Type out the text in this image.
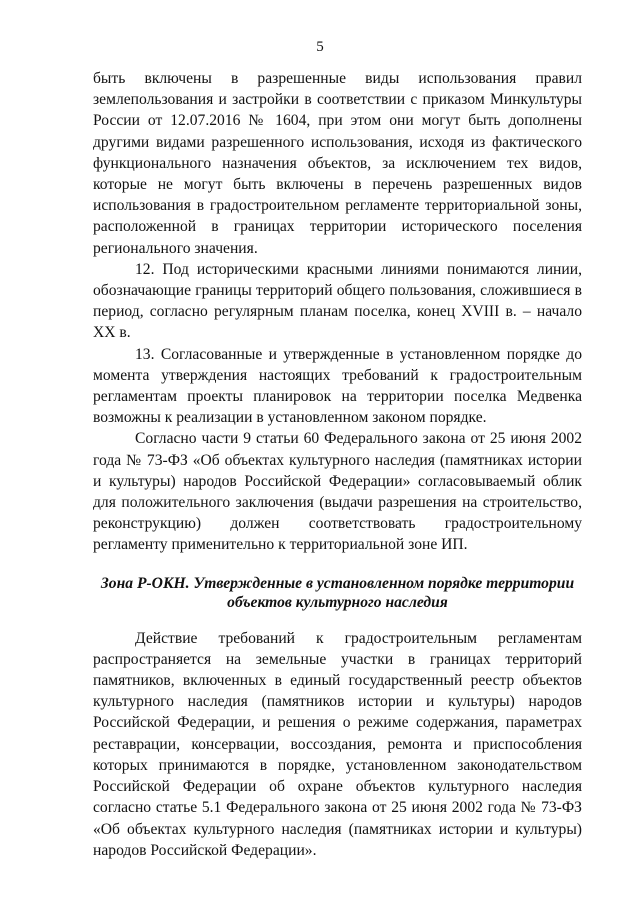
5

быть включены в разрешенные виды использования правил землепользования и застройки в соответствии с приказом Минкультуры России от 12.07.2016 № 1604, при этом они могут быть дополнены другими видами разрешенного использования, исходя из фактического функционального назначения объектов, за исключением тех видов, которые не могут быть включены в перечень разрешенных видов использования в градостроительном регламенте территориальной зоны, расположенной в границах территории исторического поселения регионального значения.

12. Под историческими красными линиями понимаются линии, обозначающие границы территорий общего пользования, сложившиеся в период, согласно регулярным планам поселка, конец XVIII в. – начало XX в.

13. Согласованные и утвержденные в установленном порядке до момента утверждения настоящих требований к градостроительным регламентам проекты планировок на территории поселка Медвенка возможны к реализации в установленном законом порядке.

Согласно части 9 статьи 60 Федерального закона от 25 июня 2002 года № 73-ФЗ «Об объектах культурного наследия (памятниках истории и культуры) народов Российской Федерации» согласовываемый облик для положительного заключения (выдачи разрешения на строительство, реконструкцию) должен соответствовать градостроительному регламенту применительно к территориальной зоне ИП.

Зона Р-ОКН. Утвержденные в установленном порядке территории объектов культурного наследия

Действие требований к градостроительным регламентам распространяется на земельные участки в границах территорий памятников, включенных в единый государственный реестр объектов культурного наследия (памятников истории и культуры) народов Российской Федерации, и решения о режиме содержания, параметрах реставрации, консервации, воссоздания, ремонта и приспособления которых принимаются в порядке, установленном законодательством Российской Федерации об охране объектов культурного наследия согласно статье 5.1 Федерального закона от 25 июня 2002 года № 73-ФЗ «Об объектах культурного наследия (памятниках истории и культуры) народов Российской Федерации».
